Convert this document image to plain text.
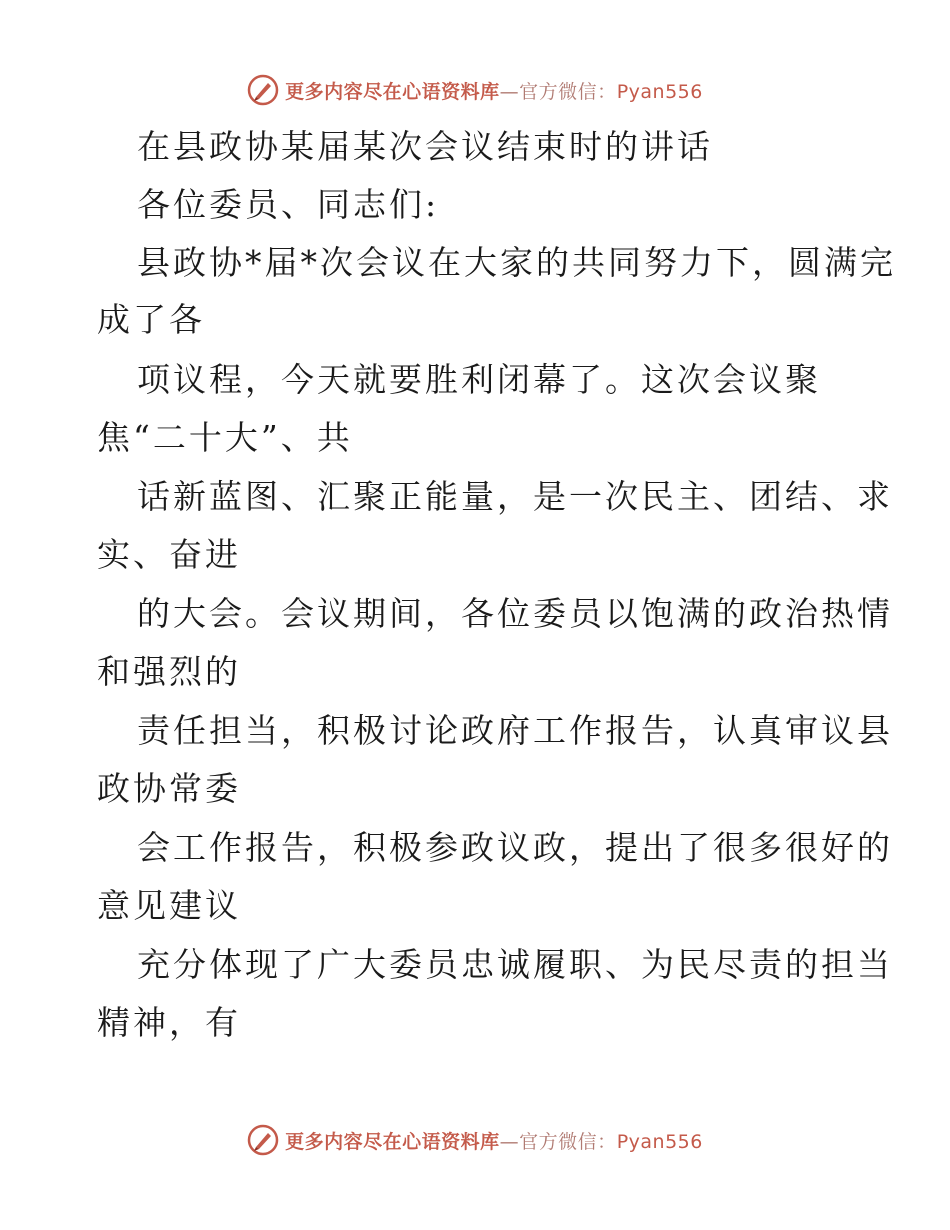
更多内容尽在心语资料库—官方微信：Pyan556
在县政协某届某次会议结束时的讲话
各位委员、同志们:
县政协*届*次会议在大家的共同努力下，圆满完
成了各
项议程，今天就要胜利闭幕了。这次会议聚
焦“二十大”、共
话新蓝图、汇聚正能量，是一次民主、团结、求
实、奋进
的大会。会议期间，各位委员以饱满的政治热情
和强烈的
责任担当，积极讨论政府工作报告，认真审议县
政协常委
会工作报告，积极参政议政，提出了很多很好的
意见建议
充分体现了广大委员忠诚履职、为民尽责的担当
精神，有
更多内容尽在心语资料库—官方微信：Pyan556
